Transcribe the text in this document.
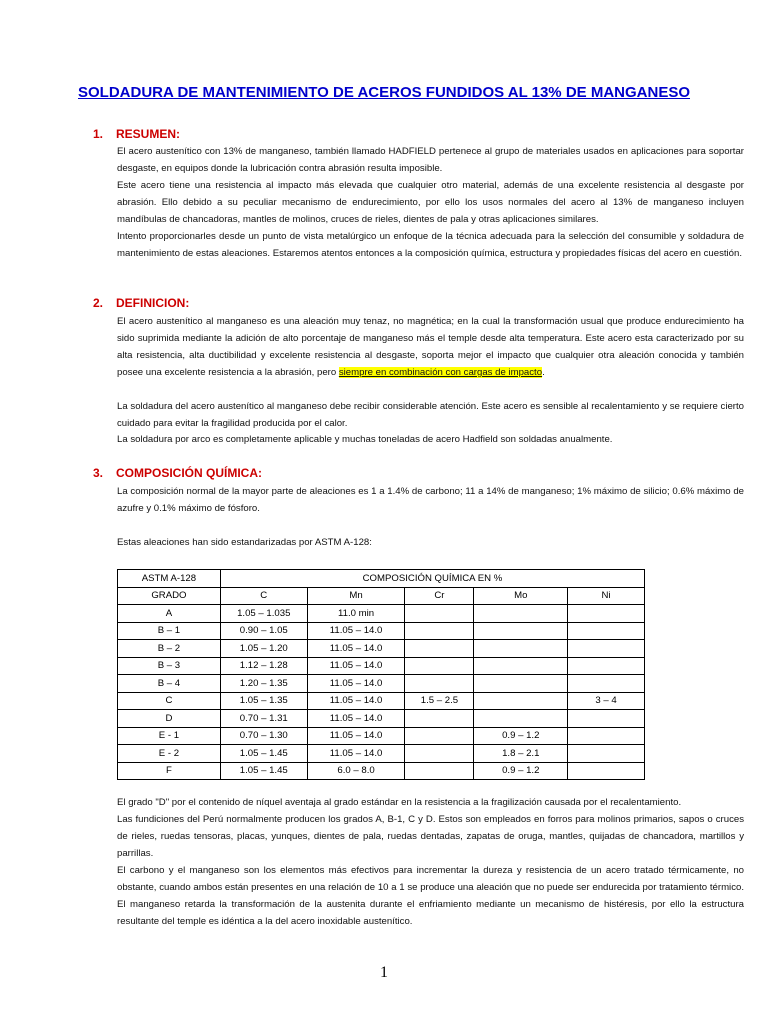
SOLDADURA DE MANTENIMIENTO DE ACEROS FUNDIDOS AL 13% DE MANGANESO
1. RESUMEN:
El acero austenítico con 13% de manganeso, también llamado HADFIELD pertenece al grupo de materiales usados en aplicaciones para soportar desgaste, en equipos donde la lubricación contra abrasión resulta imposible.
Este acero tiene una resistencia al impacto más elevada que cualquier otro material, además de una excelente resistencia al desgaste por abrasión. Ello debido a su peculiar mecanismo de endurecimiento, por ello los usos normales del acero al 13% de manganeso incluyen mandíbulas de chancadoras, mantles de molinos, cruces de rieles, dientes de pala y otras aplicaciones similares.
Intento proporcionarles desde un punto de vista metalúrgico un enfoque de la técnica adecuada para la selección del consumible y soldadura de mantenimiento de estas aleaciones. Estaremos atentos entonces a la composición química, estructura y propiedades físicas del acero en cuestión.
2. DEFINICION:
El acero austenítico al manganeso es una aleación muy tenaz, no magnética; en la cual la transformación usual que produce endurecimiento ha sido suprimida mediante la adición de alto porcentaje de manganeso más el temple desde alta temperatura. Este acero esta caracterizado por su alta resistencia, alta ductibilidad y excelente resistencia al desgaste, soporta mejor el impacto que cualquier otra aleación conocida y también posee una excelente resistencia a la abrasión, pero siempre en combinación con cargas de impacto.
La soldadura del acero austenítico al manganeso debe recibir considerable atención. Este acero es sensible al recalentamiento y se requiere cierto cuidado para evitar la fragilidad producida por el calor.
La soldadura por arco es completamente aplicable y muchas toneladas de acero Hadfield son soldadas anualmente.
3. COMPOSICIÓN QUÍMICA:
La composición normal de la mayor parte de aleaciones es 1 a 1.4% de carbono; 11 a 14% de manganeso; 1% máximo de silicio; 0.6% máximo de azufre y 0.1% máximo de fósforo.
Estas aleaciones han sido estandarizadas por ASTM A-128:
ASTM A-128	COMPOSICIÓN QUÍMICA EN %				
GRADO	C	Mn	Cr	Mo	Ni
A	1.05 – 1.035	11.0 min			
B – 1	0.90 – 1.05	11.05 – 14.0			
B – 2	1.05 – 1.20	11.05 – 14.0			
B – 3	1.12 – 1.28	11.05 – 14.0			
B – 4	1.20 – 1.35	11.05 – 14.0			
C	1.05 – 1.35	11.05 – 14.0	1.5 – 2.5		3 – 4
D	0.70 – 1.31	11.05 – 14.0			
E - 1	0.70 – 1.30	11.05 – 14.0		0.9 – 1.2	
E - 2	1.05 – 1.45	11.05 – 14.0		1.8 – 2.1	
F	1.05 – 1.45	6.0 – 8.0		0.9 – 1.2	
El grado "D" por el contenido de níquel aventaja al grado estándar en la resistencia a la fragilización causada por el recalentamiento.
Las fundiciones del Perú normalmente producen los grados A, B-1, C y D. Estos son empleados en forros para molinos primarios, sapos o cruces de rieles, ruedas tensoras, placas, yunques, dientes de pala, ruedas dentadas, zapatas de oruga, mantles, quijadas de chancadora, martillos y parrillas.
El carbono y el manganeso son los elementos más efectivos para incrementar la dureza y resistencia de un acero tratado térmicamente, no obstante, cuando ambos están presentes en una relación de 10 a 1 se produce una aleación que no puede ser endurecida por tratamiento térmico. El manganeso retarda la transformación de la austenita durante el enfriamiento mediante un mecanismo de histéresis, por ello la estructura resultante del temple es idéntica a la del acero inoxidable austenítico.
1
